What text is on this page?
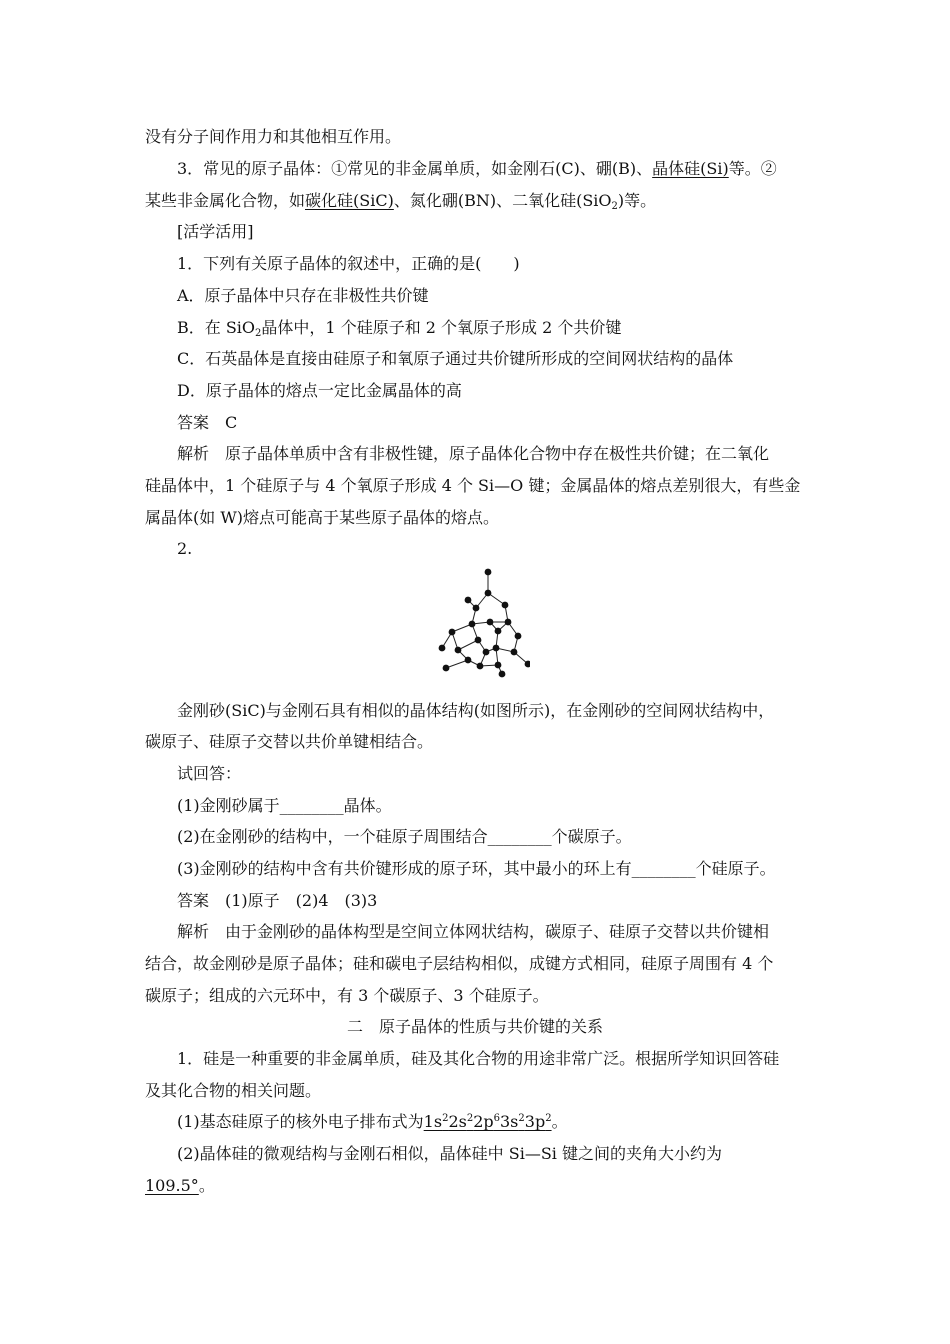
没有分子间作用力和其他相互作用。
3．常见的原子晶体：①常见的非金属单质，如金刚石(C)、硼(B)、晶体硅(Si)等。②
某些非金属化合物，如碳化硅(SiC)、氮化硼(BN)、二氧化硅(SiO$_2$)等。
[活学活用]
1．下列有关原子晶体的叙述中，正确的是(　　)
A．原子晶体中只存在非极性共价键
B．在 SiO$_2$晶体中，1 个硅原子和 2 个氧原子形成 2 个共价键
C．石英晶体是直接由硅原子和氧原子通过共价键所形成的空间网状结构的晶体
D．原子晶体的熔点一定比金属晶体的高
答案　C
解析　原子晶体单质中含有非极性键，原子晶体化合物中存在极性共价键；在二氧化
硅晶体中，1 个硅原子与 4 个氧原子形成 4 个 Si—O 键；金属晶体的熔点差别很大，有些金
属晶体(如 W)熔点可能高于某些原子晶体的熔点。
2.
金刚砂(SiC)与金刚石具有相似的晶体结构(如图所示)，在金刚砂的空间网状结构中，
碳原子、硅原子交替以共价单键相结合。
试回答：
(1)金刚砂属于________晶体。
(2)在金刚砂的结构中，一个硅原子周围结合________个碳原子。
(3)金刚砂的结构中含有共价键形成的原子环，其中最小的环上有________个硅原子。
答案　(1)原子　(2)4　(3)3
解析　由于金刚砂的晶体构型是空间立体网状结构，碳原子、硅原子交替以共价键相
结合，故金刚砂是原子晶体；硅和碳电子层结构相似，成键方式相同，硅原子周围有 4 个
碳原子；组成的六元环中，有 3 个碳原子、3 个硅原子。
二　原子晶体的性质与共价键的关系
1．硅是一种重要的非金属单质，硅及其化合物的用途非常广泛。根据所学知识回答硅
及其化合物的相关问题。
(1)基态硅原子的核外电子排布式为$1s^22s^22p^63s^23p^2$。
(2)晶体硅的微观结构与金刚石相似，晶体硅中 Si—Si 键之间的夹角大小约为
109.5°。
